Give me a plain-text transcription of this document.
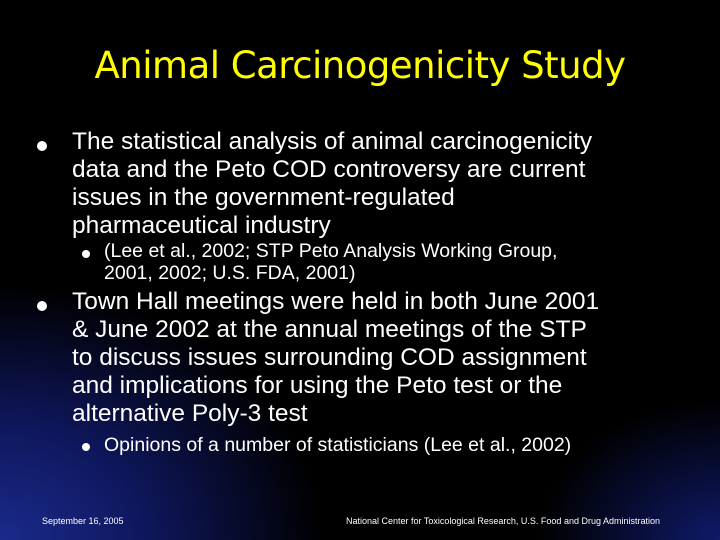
Animal Carcinogenicity Study
The statistical analysis of animal carcinogenicity
data and the Peto COD controversy are current
issues in the government-regulated
pharmaceutical industry
(Lee et al., 2002; STP Peto Analysis Working Group,
2001, 2002; U.S. FDA, 2001)
Town Hall meetings were held in both June 2001
& June 2002 at the annual meetings of the STP
to discuss issues surrounding COD assignment
and implications for using the Peto test or the
alternative Poly-3 test
Opinions of a number of statisticians (Lee et al., 2002)
September 16, 2005	National Center for Toxicological Research, U.S. Food and Drug Administration
